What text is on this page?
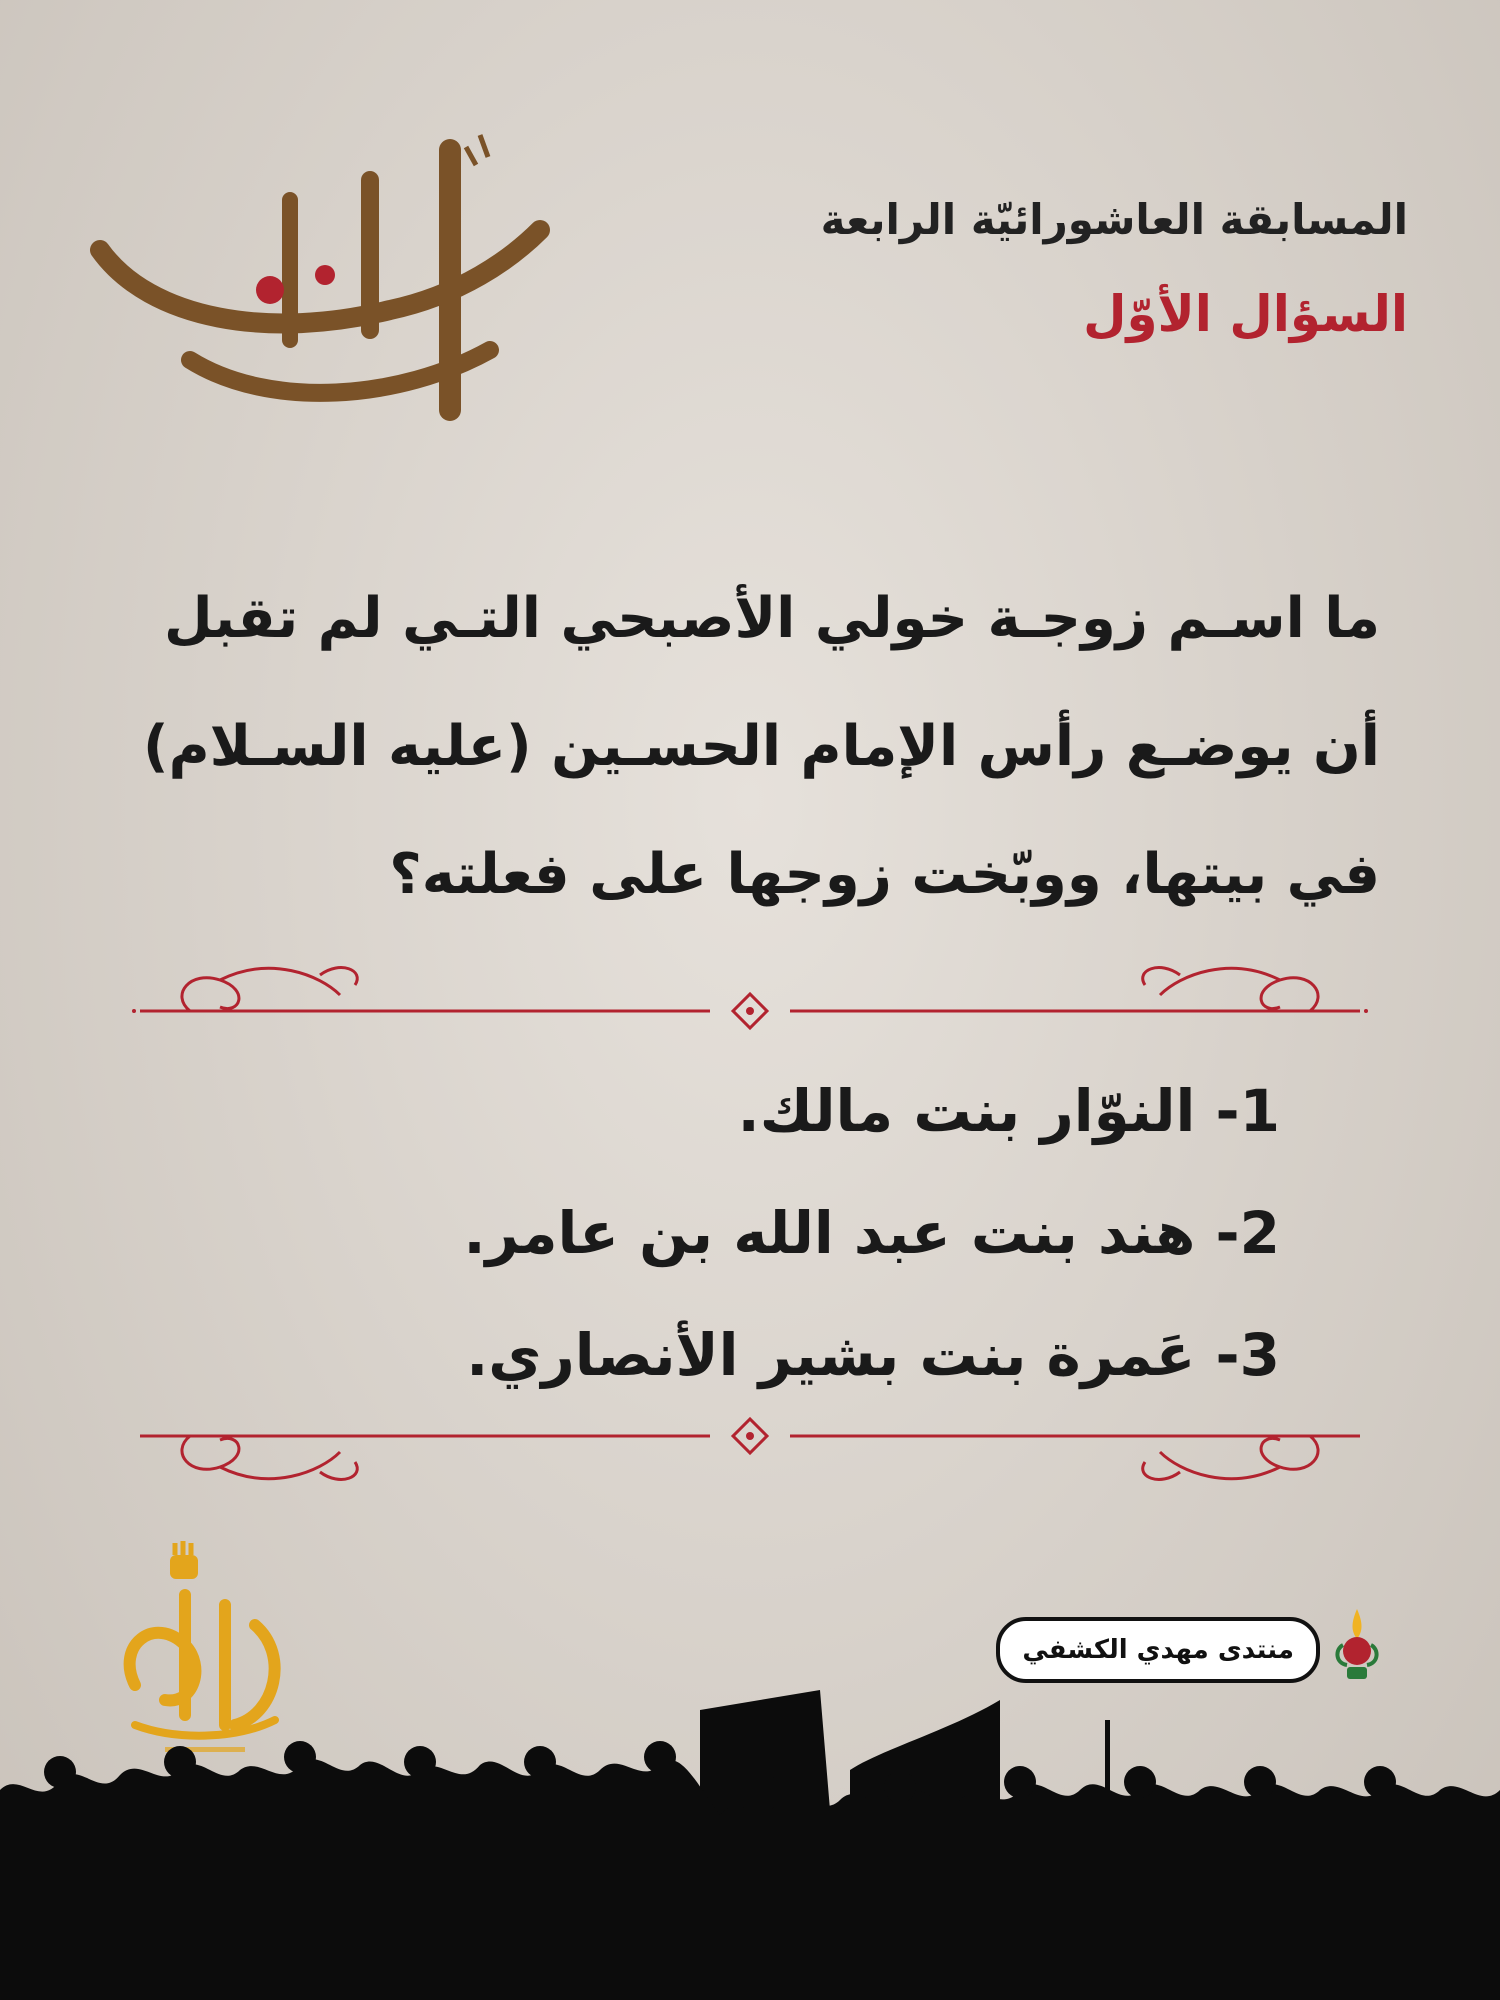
المسابقة العاشورائيّة الرابعة
السؤال الأوّل
ما اسـم زوجـة خولي الأصبحي التـي لم تقبل
أن يوضـع رأس الإمام الحسـين (عليه السـلام)
في بيتها، ووبّخت زوجها على فعلته؟
1- النوّار بنت مالك.
2- هند بنت عبد الله بن عامر.
3- عَمرة بنت بشير الأنصاري.
منتدى مهدي الكشفي
